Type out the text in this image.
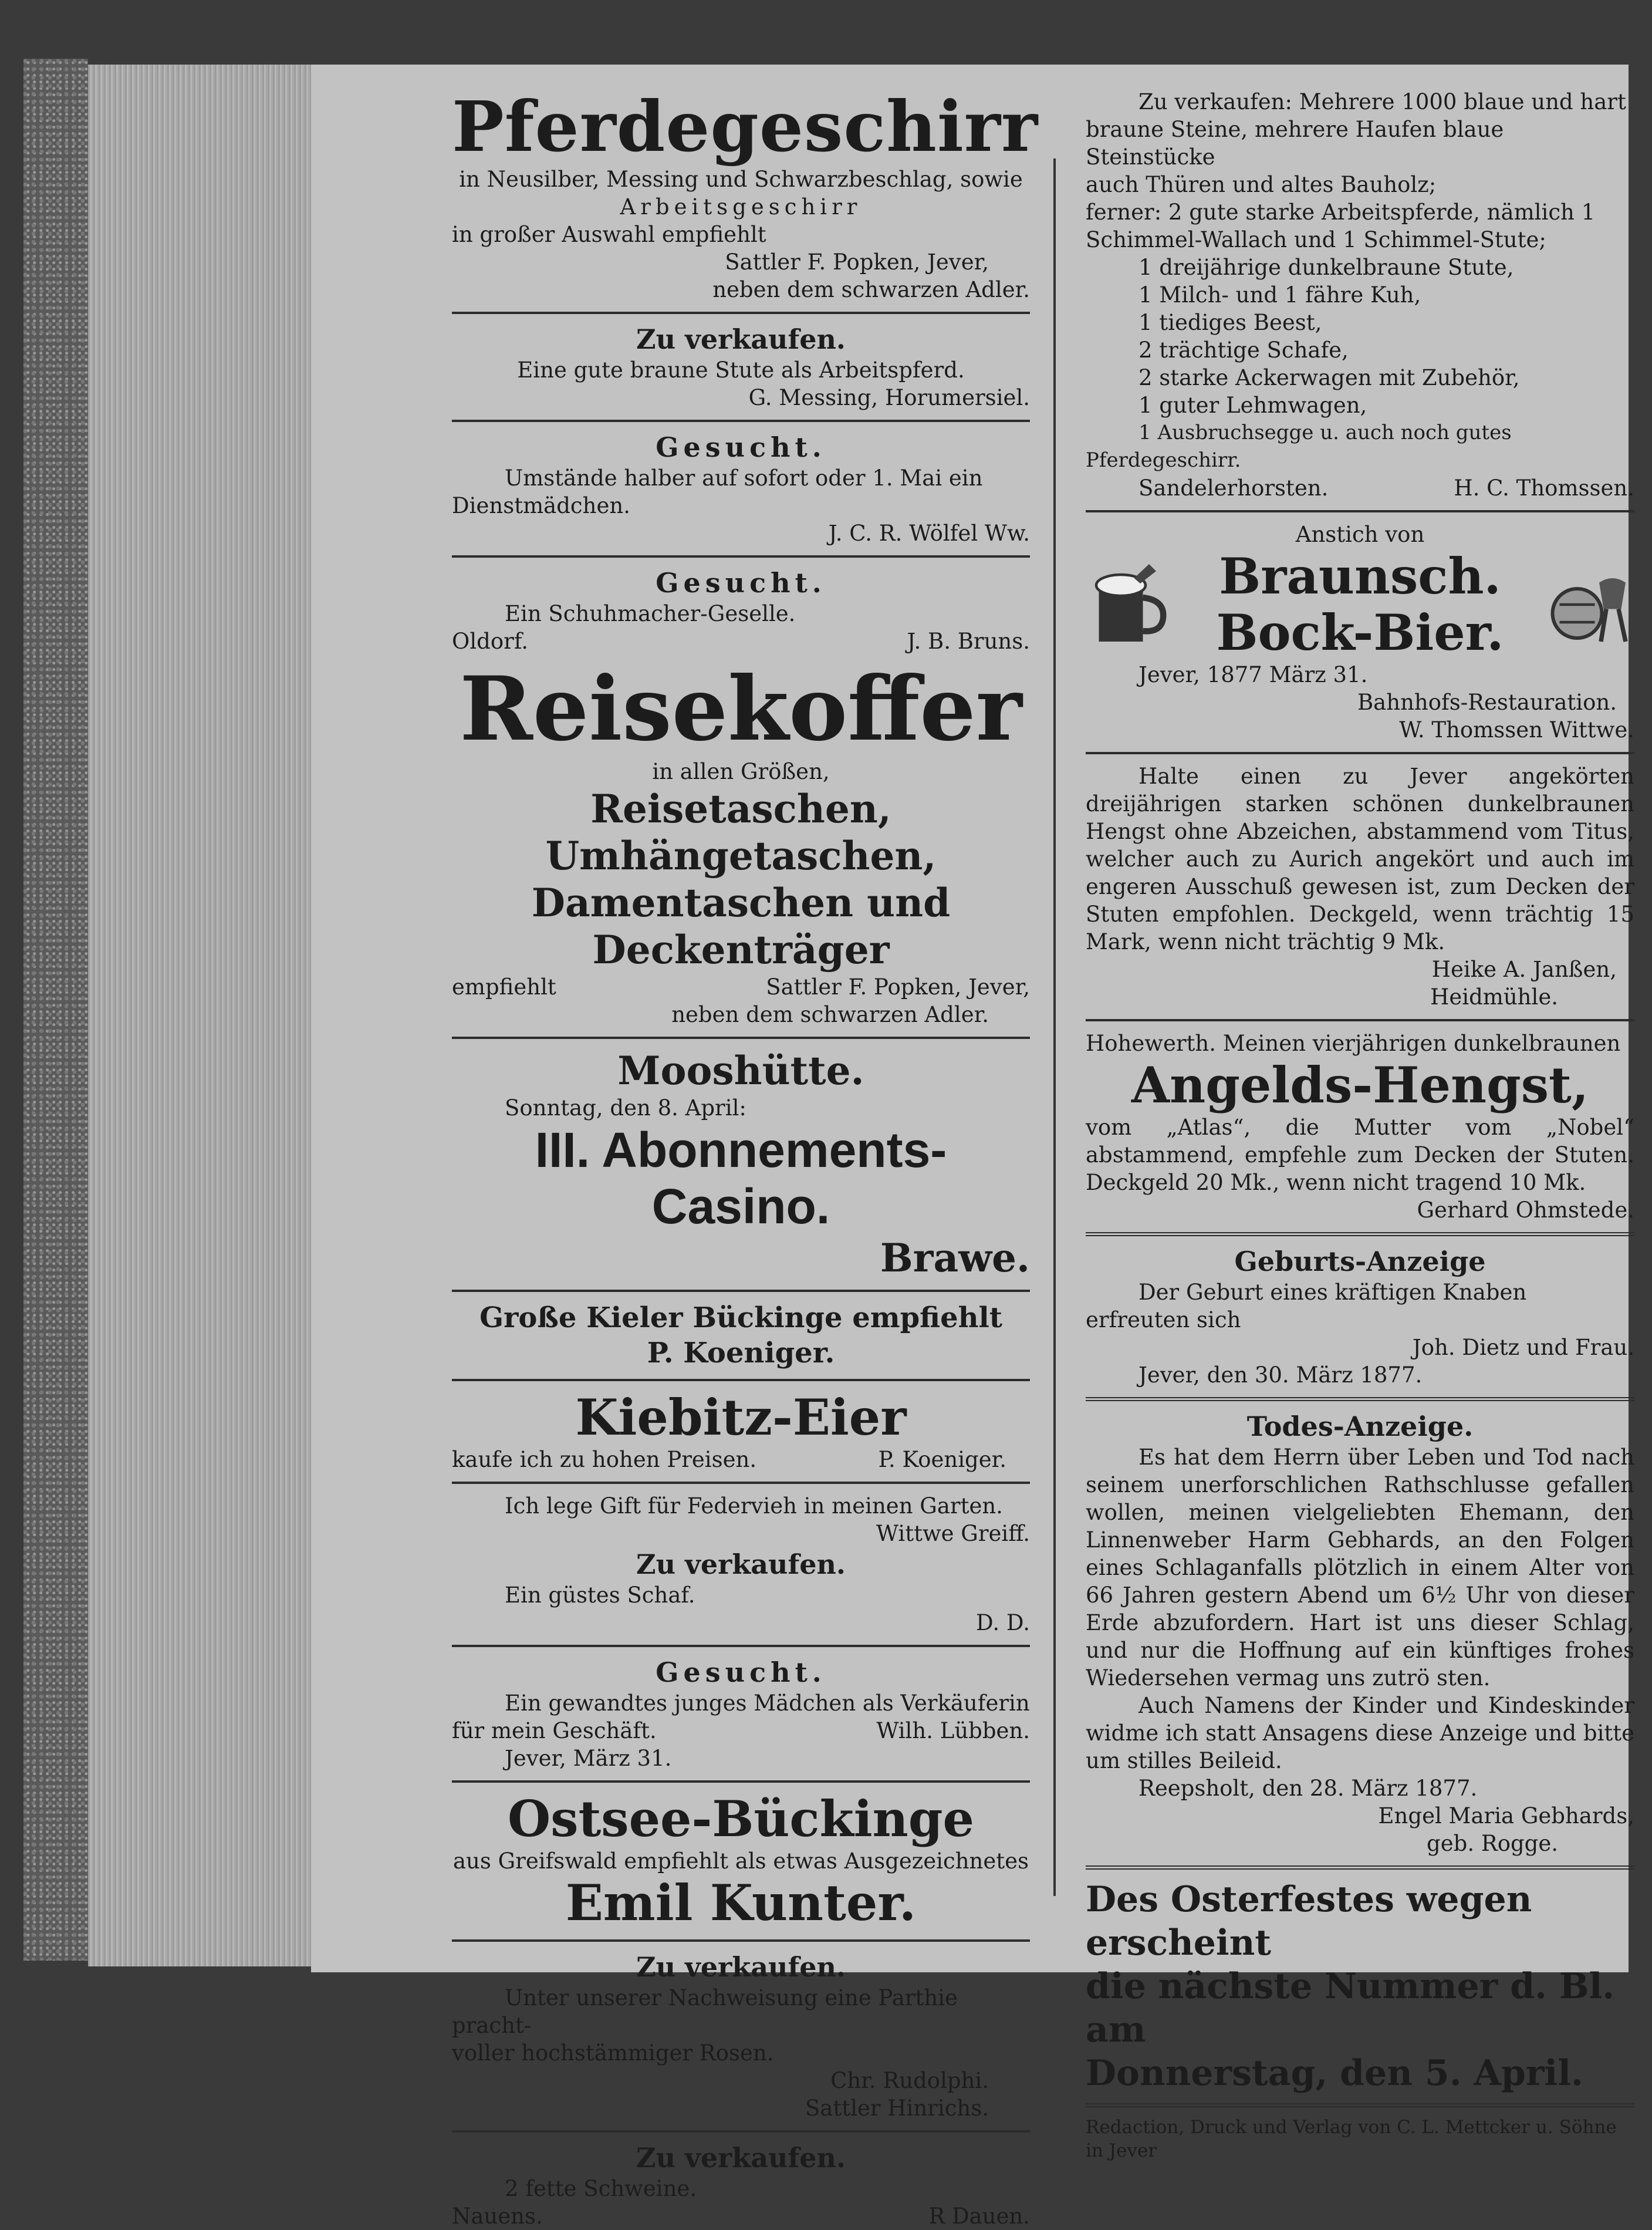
Pferdegeschirr
in Neusilber, Messing und Schwarzbeschlag, sowie
Arbeitsgeschirr
in großer Auswahl empfiehlt
Sattler F. Popken, Jever,
neben dem schwarzen Adler.
Zu verkaufen.
Eine gute braune Stute als Arbeitspferd.
G. Messing, Horumersiel.
Gesucht.
Umstände halber auf sofort oder 1. Mai ein Dienstmädchen.
J. C. R. Wölfel Ww.
Gesucht.
Ein Schuhmacher-Geselle.
Oldorf.	J. B. Bruns.
Reisekoffer
in allen Größen,
Reisetaschen, Umhängetaschen,
Damentaschen und Deckenträger
empfiehlt	Sattler F. Popken, Jever,
neben dem schwarzen Adler.
Mooshütte.
Sonntag, den 8. April:
III. Abonnements-Casino.
Brawe.
Große Kieler Bückinge empfiehlt
P. Koeniger.
Kiebitz-Eier
kaufe ich zu hohen Preisen.	P. Koeniger.
Ich lege Gift für Federvieh in meinen Garten.
Wittwe Greiff.
Zu verkaufen.
Ein güstes Schaf.
D. D.
Gesucht.
Ein gewandtes junges Mädchen als Verkäuferin
für mein Geschäft.	Wilh. Lübben.
Jever, März 31.
Ostsee-Bückinge
aus Greifswald empfiehlt als etwas Ausgezeichnetes
Emil Kunter.
Zu verkaufen.
Unter unserer Nachweisung eine Parthie pracht-
voller hochstämmiger Rosen.
Chr. Rudolphi.
Sattler Hinrichs.
Zu verkaufen.
2 fette Schweine.
Nauens.	R Dauen.
Zu verkaufen: Mehrere 1000 blaue und hart
braune Steine, mehrere Haufen blaue Steinstücke
auch Thüren und altes Bauholz;
ferner: 2 gute starke Arbeitspferde, nämlich 1
Schimmel-Wallach und 1 Schimmel-Stute;
1 dreijährige dunkelbraune Stute,
1 Milch- und 1 fähre Kuh,
1 tiediges Beest,
2 trächtige Schafe,
2 starke Ackerwagen mit Zubehör,
1 guter Lehmwagen,
1 Ausbruchsegge u. auch noch gutes Pferdegeschirr.
Sandelerhorsten.	H. C. Thomssen.
Anstich von
Braunsch.
Bock-Bier.
Jever, 1877 März 31.
Bahnhofs-Restauration.
W. Thomssen Wittwe.
Halte einen zu Jever angekörten dreijährigen starken schönen dunkelbraunen Hengst ohne Abzeichen, abstammend vom Titus, welcher auch zu Aurich angekört und auch im engeren Ausschuß gewesen ist, zum Decken der Stuten empfohlen. Deckgeld, wenn trächtig 15 Mark, wenn nicht trächtig 9 Mk.
Heike A. Janßen,
Heidmühle.
Hohewerth. Meinen vierjährigen dunkelbraunen
Angelds-Hengst,
vom „Atlas“, die Mutter vom „Nobel“ abstammend, empfehle zum Decken der Stuten. Deckgeld 20 Mk., wenn nicht tragend 10 Mk.
Gerhard Ohmstede.
Geburts-Anzeige
Der Geburt eines kräftigen Knaben erfreuten sich
Joh. Dietz und Frau.
Jever, den 30. März 1877.
Todes-Anzeige.
Es hat dem Herrn über Leben und Tod nach seinem unerforschlichen Rathschlusse gefallen wollen, meinen vielgeliebten Ehemann, den Linnenweber Harm Gebhards, an den Folgen eines Schlaganfalls plötzlich in einem Alter von 66 Jahren gestern Abend um 6½ Uhr von dieser Erde abzufordern. Hart ist uns dieser Schlag, und nur die Hoffnung auf ein künftiges frohes Wiedersehen vermag uns zutrö sten.
Auch Namens der Kinder und Kindeskinder widme ich statt Ansagens diese Anzeige und bitte um stilles Beileid.
Reepsholt, den 28. März 1877.
Engel Maria Gebhards,
geb. Rogge.
Des Osterfestes wegen erscheint
die nächste Nummer d. Bl. am
Donnerstag, den 5. April.
Redaction, Druck und Verlag von C. L. Mettcker u. Söhne in Jever
